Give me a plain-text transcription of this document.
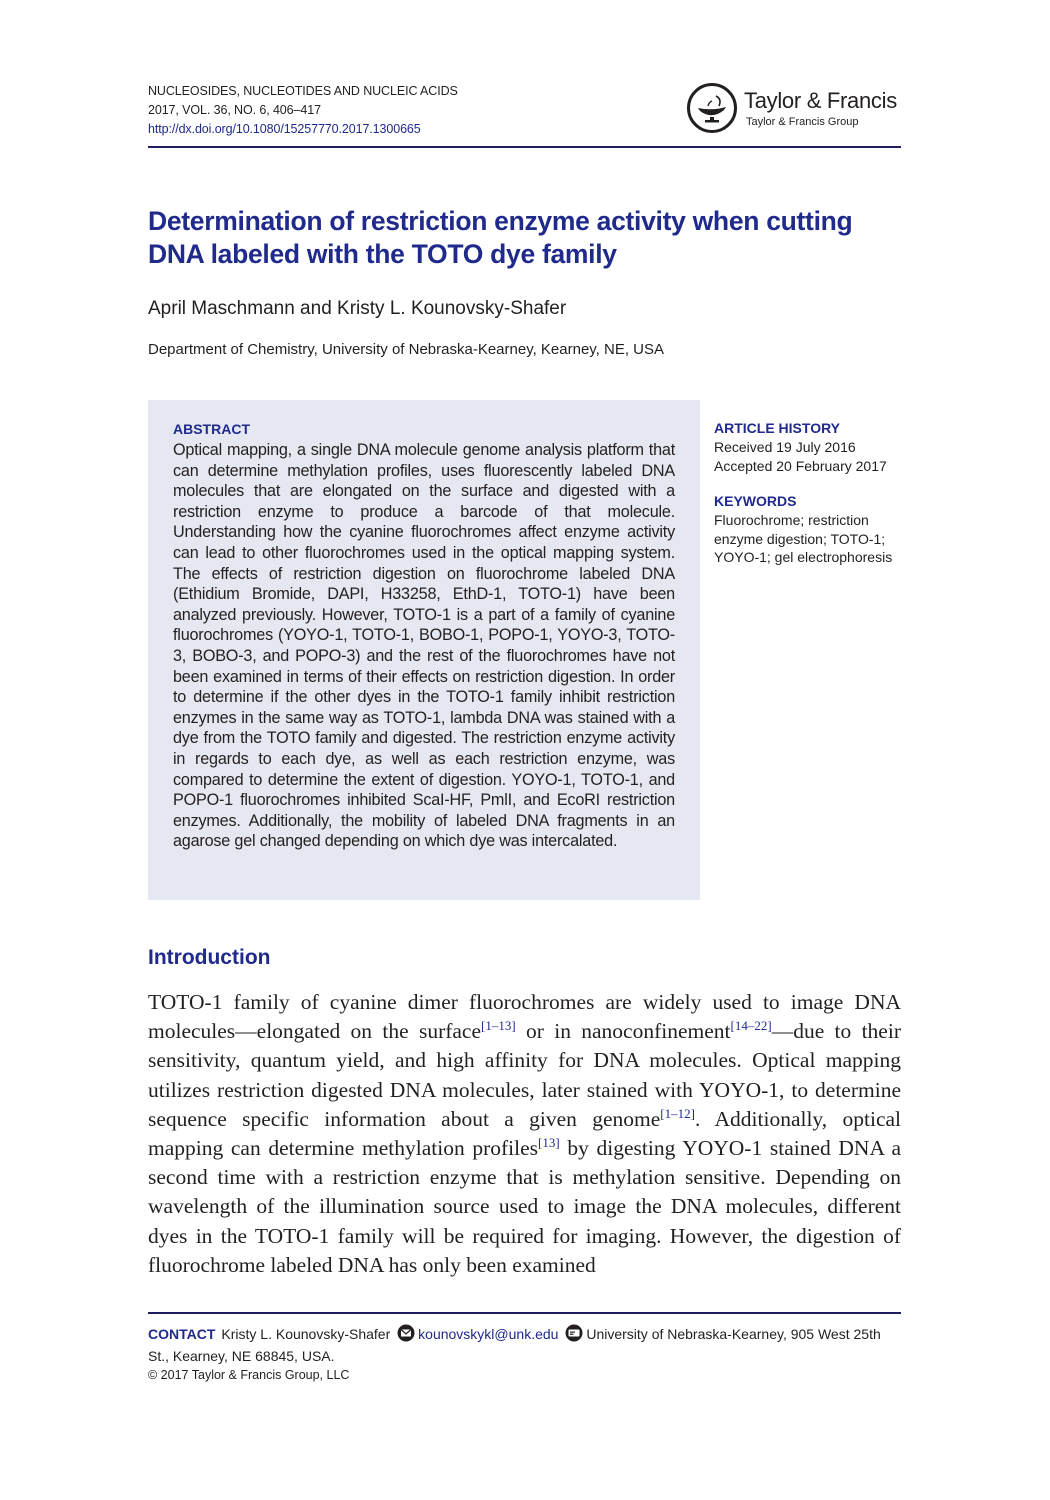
NUCLEOSIDES, NUCLEOTIDES AND NUCLEIC ACIDS
2017, VOL. 36, NO. 6, 406–417
http://dx.doi.org/10.1080/15257770.2017.1300665
Taylor & Francis
Taylor & Francis Group
Determination of restriction enzyme activity when cutting DNA labeled with the TOTO dye family
April Maschmann and Kristy L. Kounovsky-Shafer
Department of Chemistry, University of Nebraska-Kearney, Kearney, NE, USA
ABSTRACT
Optical mapping, a single DNA molecule genome analysis platform that can determine methylation profiles, uses fluorescently labeled DNA molecules that are elongated on the surface and digested with a restriction enzyme to produce a barcode of that molecule. Understanding how the cyanine fluorochromes affect enzyme activity can lead to other fluorochromes used in the optical mapping system. The effects of restriction digestion on fluorochrome labeled DNA (Ethidium Bromide, DAPI, H33258, EthD-1, TOTO-1) have been analyzed previously. However, TOTO-1 is a part of a family of cyanine fluorochromes (YOYO-1, TOTO-1, BOBO-1, POPO-1, YOYO-3, TOTO-3, BOBO-3, and POPO-3) and the rest of the fluorochromes have not been examined in terms of their effects on restriction digestion. In order to determine if the other dyes in the TOTO-1 family inhibit restriction enzymes in the same way as TOTO-1, lambda DNA was stained with a dye from the TOTO family and digested. The restriction enzyme activity in regards to each dye, as well as each restriction enzyme, was compared to determine the extent of digestion. YOYO-1, TOTO-1, and POPO-1 fluorochromes inhibited ScaI-HF, PmlI, and EcoRI restriction enzymes. Additionally, the mobility of labeled DNA fragments in an agarose gel changed depending on which dye was intercalated.

ARTICLE HISTORY

Received 19 July 2016

Accepted 20 February 2017

KEYWORDS

Fluorochrome; restriction enzyme digestion; TOTO-1; YOYO-1; gel electrophoresis

Introduction
TOTO-1 family of cyanine dimer fluorochromes are widely used to image DNA molecules—elongated on the surface[1–13] or in nanoconfinement[14–22]—due to their sensitivity, quantum yield, and high affinity for DNA molecules. Optical mapping utilizes restriction digested DNA molecules, later stained with YOYO-1, to determine sequence specific information about a given genome[1–12]. Additionally, optical mapping can determine methylation profiles[13] by digesting YOYO-1 stained DNA a second time with a restriction enzyme that is methylation sensitive. Depending on wavelength of the illumination source used to image the DNA molecules, different dyes in the TOTO-1 family will be required for imaging. However, the digestion of fluorochrome labeled DNA has only been examined
CONTACT Kristy L. Kounovsky-Shafer kounovskykl@unk.edu University of Nebraska-Kearney, 905 West 25th St., Kearney, NE 68845, USA.
© 2017 Taylor & Francis Group, LLC
